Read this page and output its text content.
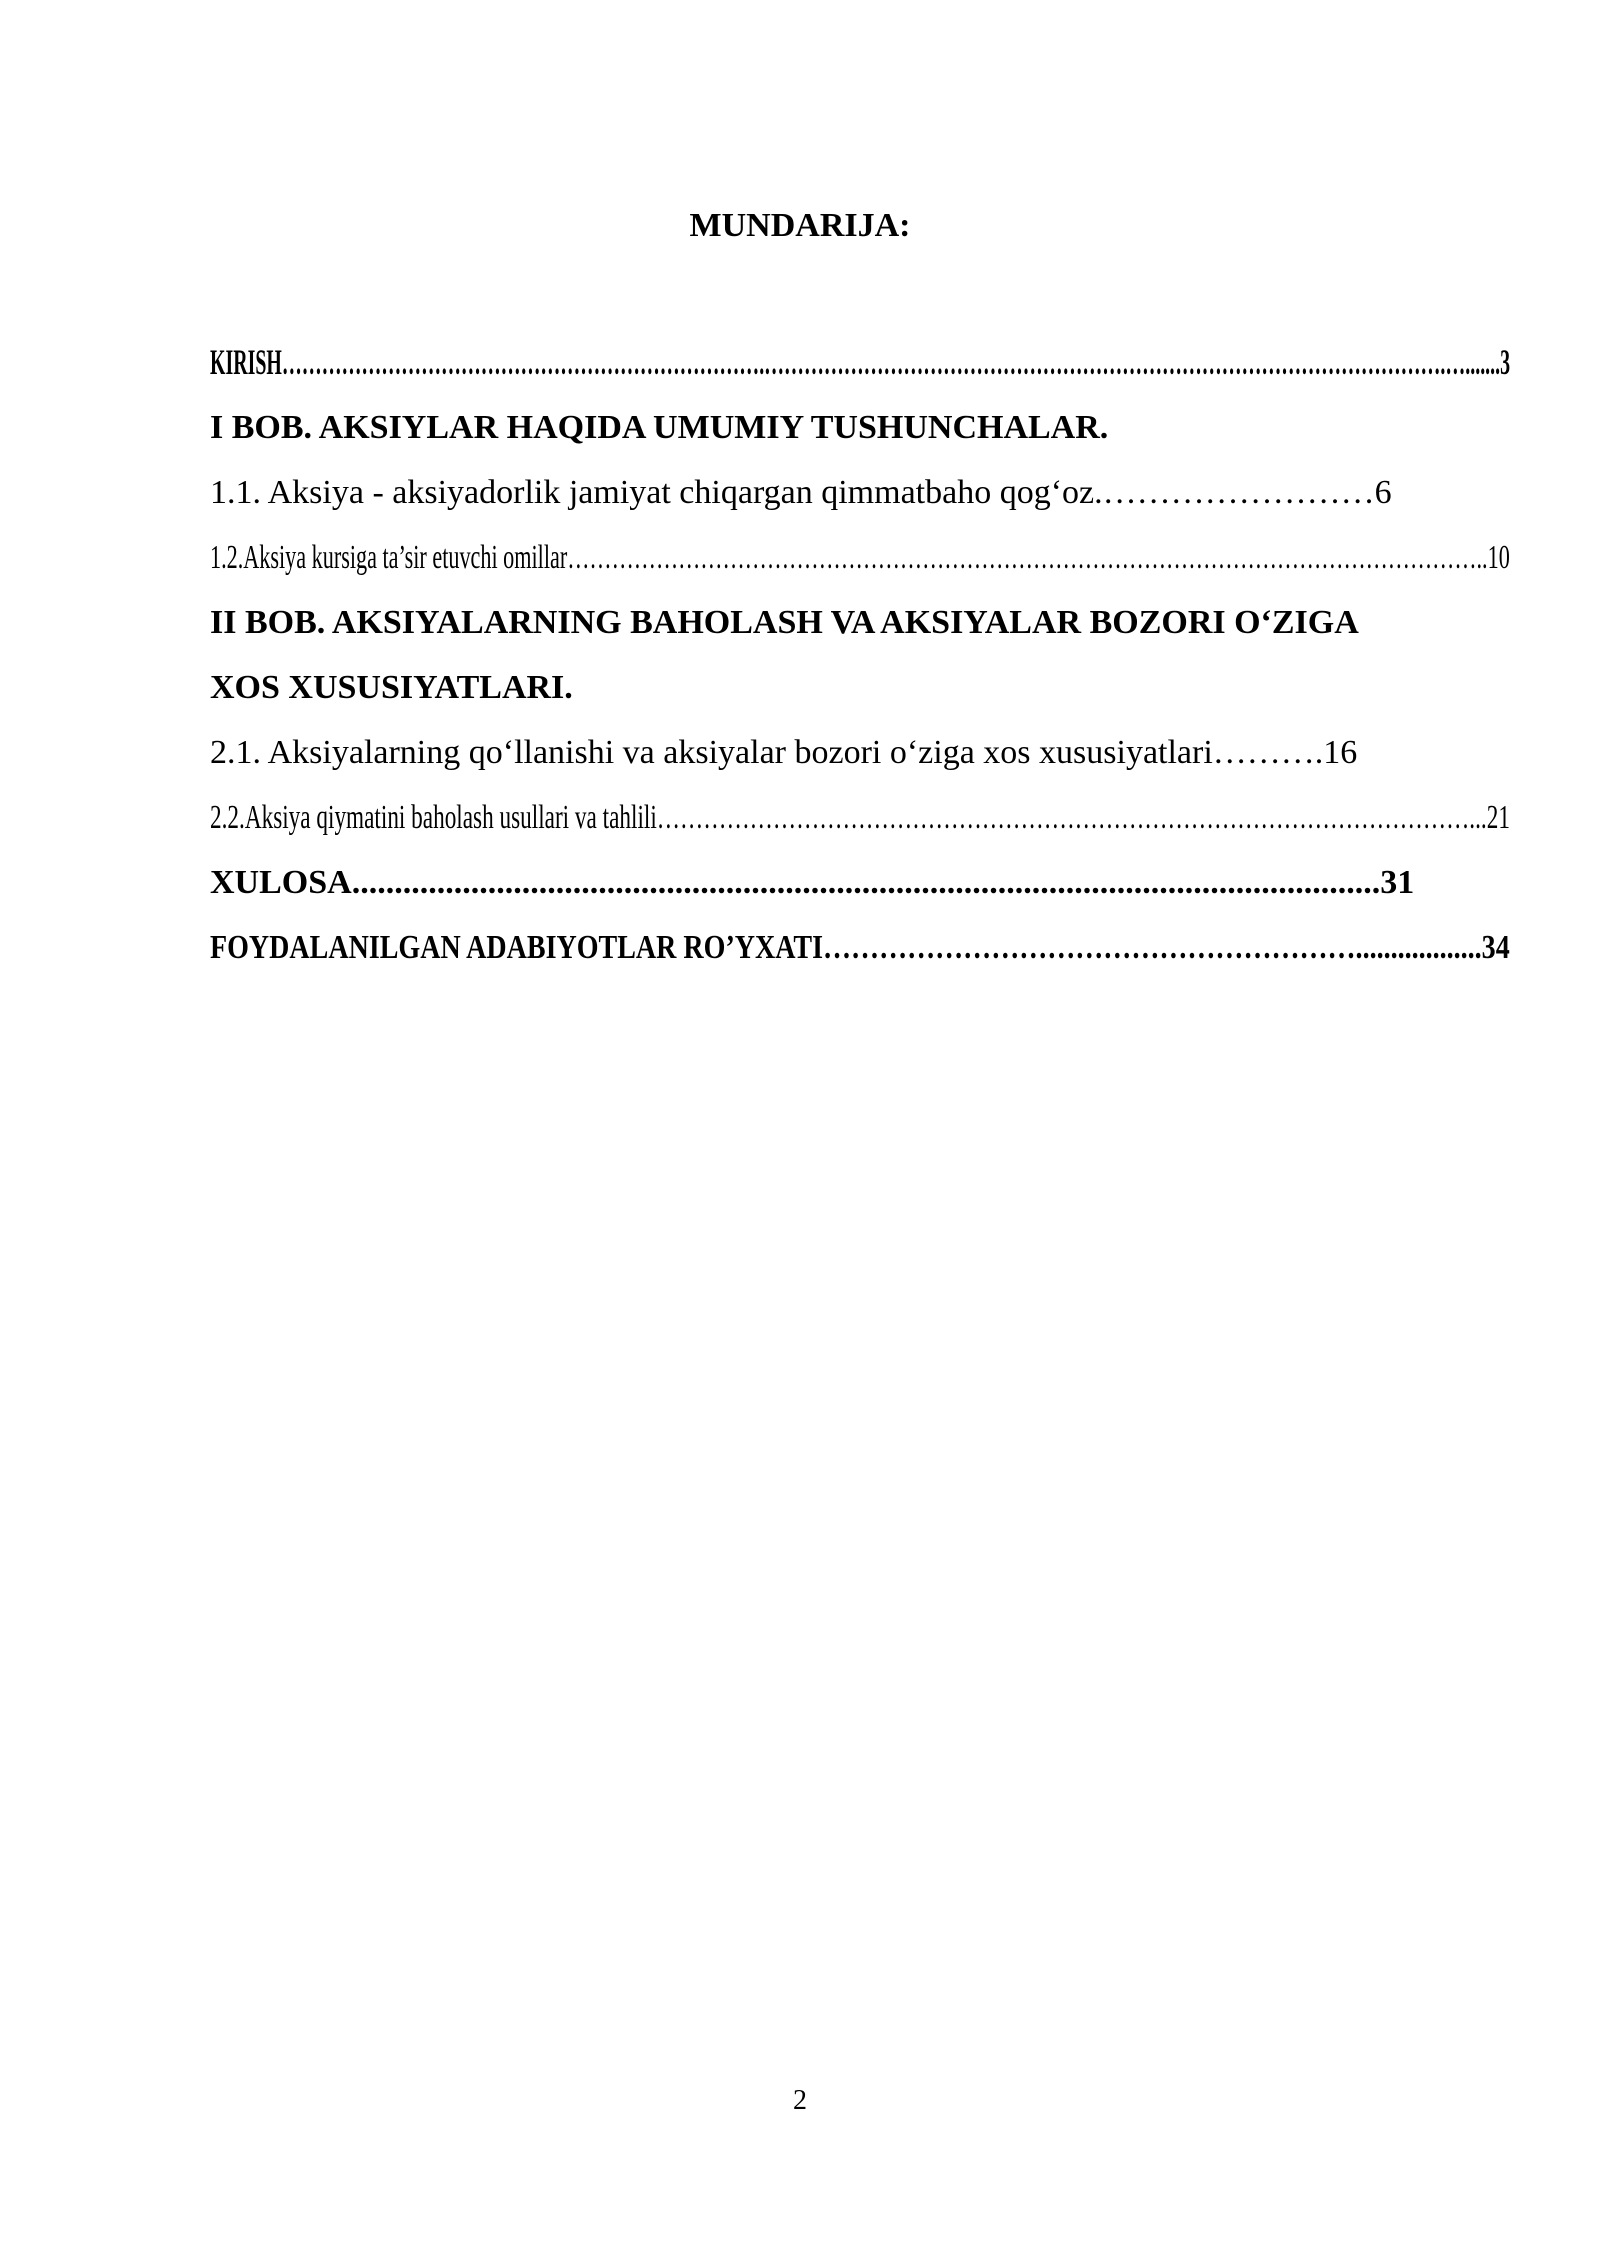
MUNDARIJA:
KIRISH……………………………………………………………….………………………………………………………………………………………….….......3
I BOB. AKSIYLAR HAQIDA UMUMIY TUSHUNCHALAR.
1.1. Aksiya - aksiyadorlik jamiyat chiqargan qimmatbaho qog‘oz.……………………6
1.2.Aksiya kursiga ta’sir etuvchi omillar……………………………………………………………………………………………………………..10
II BOB. AKSIYALARNING BAHOLASH VA AKSIYALAR BOZORI O‘ZIGA
XOS XUSUSIYATLARI.
2.1. Aksiyalarning qo‘llanishi va aksiyalar bozori o‘ziga xos xususiyatlari……….16
2.2.Aksiya qiymatini baholash usullari va tahlili……………………………………………………………………………………………...21
XULOSA.........................................................................................................................31
FOYDALANILGAN ADABIYOTLAR RO’YXATI…………………………………………………..................34
2
